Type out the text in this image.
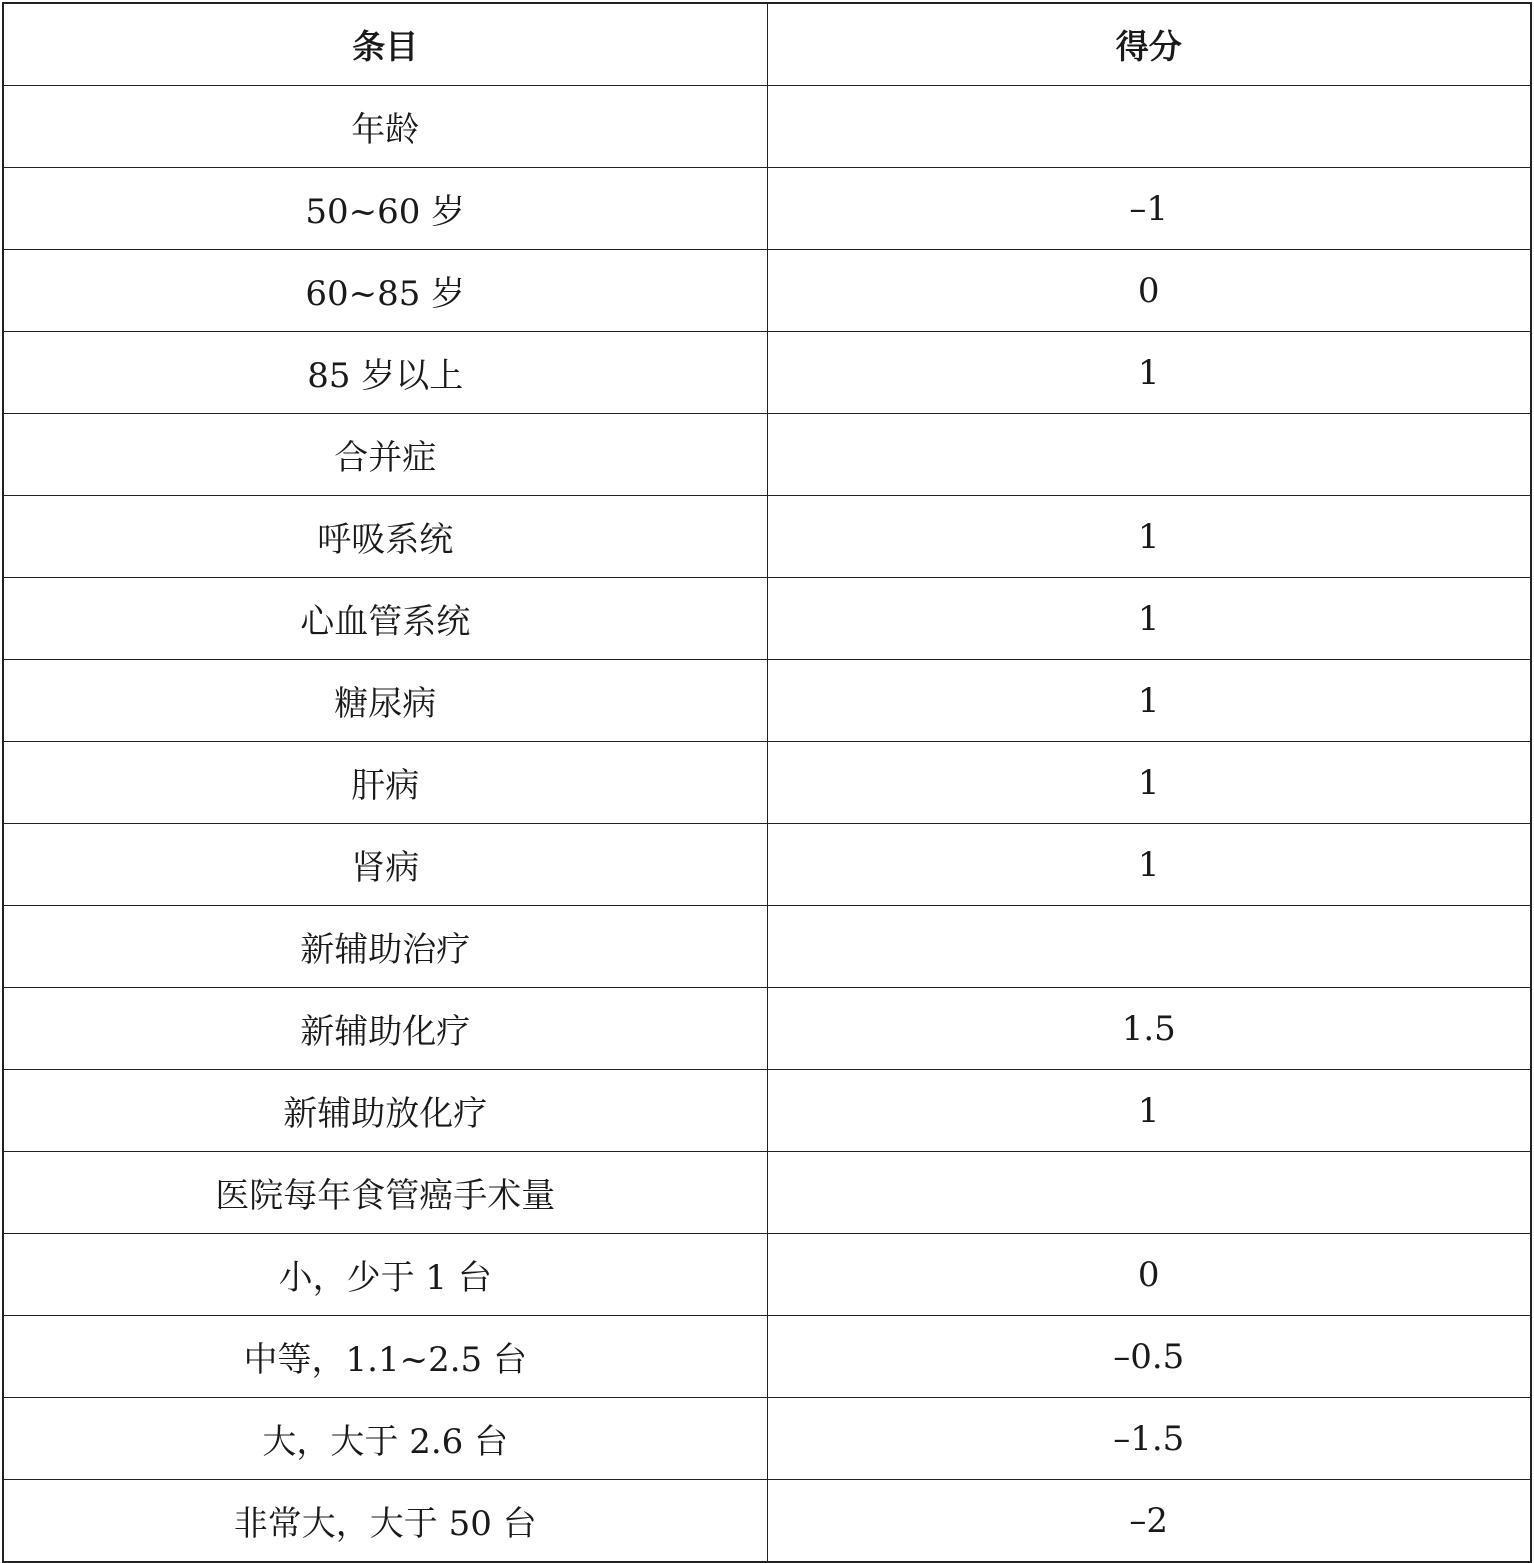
条目	得分
年龄	
50~60 岁	–1
60~85 岁	0
85 岁以上	1
合并症	
呼吸系统	1
心血管系统	1
糖尿病	1
肝病	1
肾病	1
新辅助治疗	
新辅助化疗	1.5
新辅助放化疗	1
医院每年食管癌手术量	
小，少于 1 台	0
中等，1.1~2.5 台	–0.5
大，大于 2.6 台	–1.5
非常大，大于 50 台	–2
